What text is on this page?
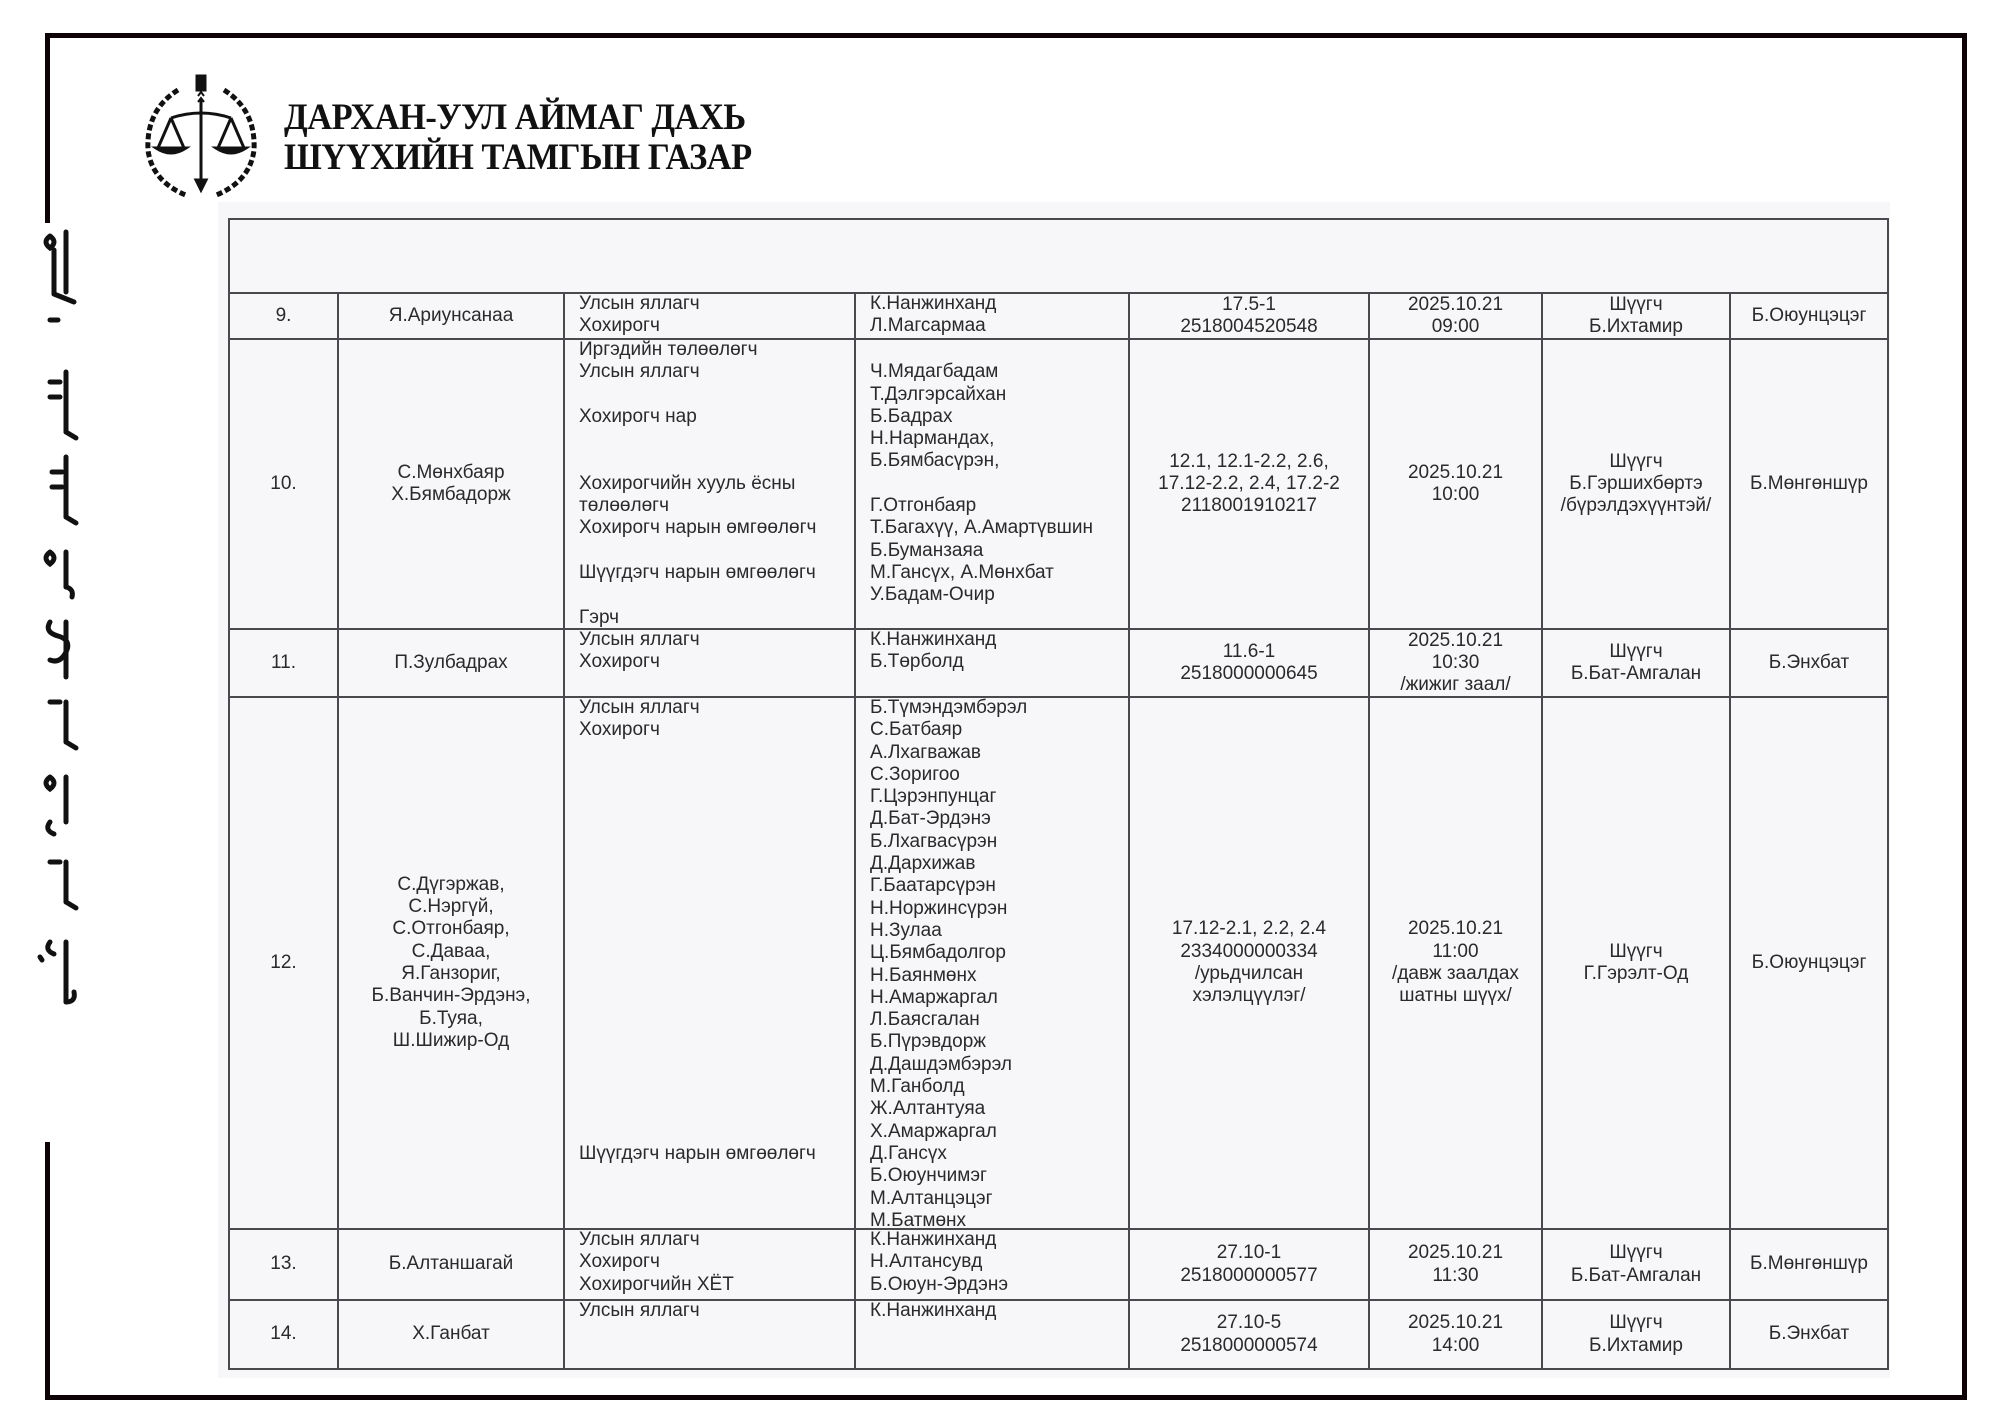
ДАРХАН-УУЛ АЙМАГ ДАХЬ
ШҮҮХИЙН ТАМГЫН ГАЗАР
9.	Я.Ариунсанаа
Улсын яллагч
Хохирогч
К.Нанжинханд
Л.Магсармаа
17.5-1
2518004520548
2025.10.21
09:00
Шүүгч
Б.Ихтамир
Б.Оюунцэцэг
10.
С.Мөнхбаяр
Х.Бямбадорж
Иргэдийн төлөөлөгч
Улсын яллагч
Хохирогч нар
Хохирогчийн хууль ёсны
төлөөлөгч
Хохирогч нарын өмгөөлөгч
Шүүгдэгч нарын өмгөөлөгч
Гэрч
Ч.Мядагбадам
Т.Дэлгэрсайхан
Б.Бадрах
Н.Нармандах,
Б.Бямбасүрэн,
Г.Отгонбаяр
Т.Багахүү, А.Амартүвшин
Б.Буманзаяа
М.Гансүх, А.Мөнхбат
У.Бадам-Очир
12.1, 12.1-2.2, 2.6,
17.12-2.2, 2.4, 17.2-2
2118001910217
2025.10.21
10:00
Шүүгч
Б.Гэршихбөртэ
/бүрэлдэхүүнтэй/
Б.Мөнгөншүр
11.	П.Зулбадрах
Улсын яллагч
Хохирогч
К.Нанжинханд
Б.Төрболд
11.6-1
2518000000645
2025.10.21
10:30
/жижиг заал/
Шүүгч
Б.Бат-Амгалан
Б.Энхбат
12.
С.Дүгэржав,
С.Нэргүй,
С.Отгонбаяр,
С.Даваа,
Я.Ганзориг,
Б.Ванчин-Эрдэнэ,
Б.Туяа,
Ш.Шижир-Од
Улсын яллагч
Хохирогч
Шүүгдэгч нарын өмгөөлөгч
Б.Түмэндэмбэрэл
С.Батбаяр
А.Лхагважав
С.Зоригоо
Г.Цэрэнпунцаг
Д.Бат-Эрдэнэ
Б.Лхагвасүрэн
Д.Дархижав
Г.Баатарсүрэн
Н.Норжинсүрэн
Н.Зулаа
Ц.Бямбадолгор
Н.Баянмөнх
Н.Амаржаргал
Л.Баясгалан
Б.Пүрэвдорж
Д.Дашдэмбэрэл
М.Ганболд
Ж.Алтантуяа
Х.Амаржаргал
Д.Гансүх
Б.Оюунчимэг
М.Алтанцэцэг
М.Батмөнх
17.12-2.1, 2.2, 2.4
2334000000334
/урьдчилсан
хэлэлцүүлэг/
2025.10.21
11:00
/давж заалдах
шатны шүүх/
Шүүгч
Г.Гэрэлт-Од
Б.Оюунцэцэг
13.	Б.Алтаншагай
Улсын яллагч
Хохирогч
Хохирогчийн ХЁТ
К.Нанжинханд
Н.Алтансувд
Б.Оюун-Эрдэнэ
27.10-1
2518000000577
2025.10.21
11:30
Шүүгч
Б.Бат-Амгалан
Б.Мөнгөншүр
14.	Х.Ганбат
Улсын яллагч	К.Нанжинханд
27.10-5
2518000000574
2025.10.21
14:00
Шүүгч
Б.Ихтамир
Б.Энхбат
